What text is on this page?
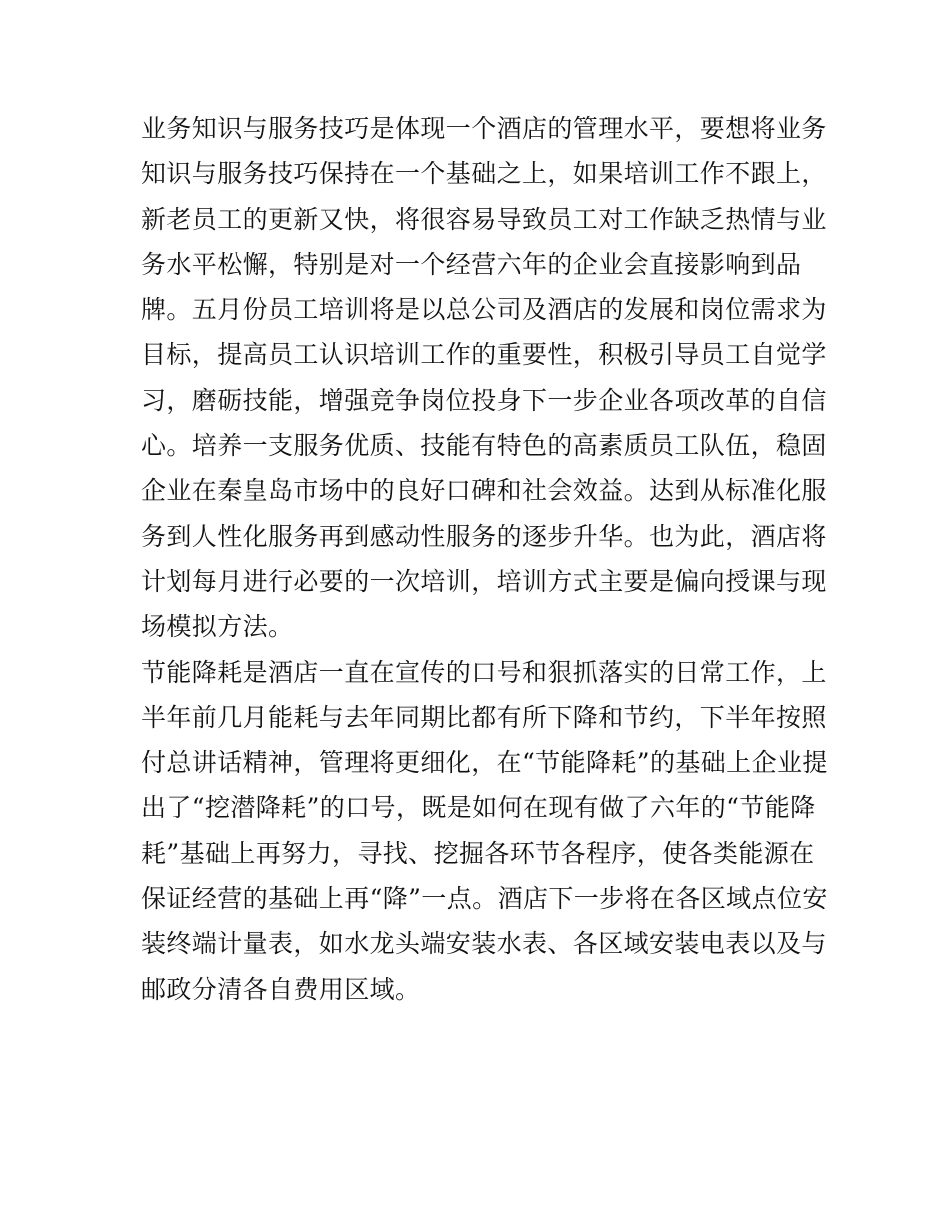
业务知识与服务技巧是体现一个酒店的管理水平，要想将业务
知识与服务技巧保持在一个基础之上，如果培训工作不跟上，
新老员工的更新又快，将很容易导致员工对工作缺乏热情与业
务水平松懈，特别是对一个经营六年的企业会直接影响到品
牌。五月份员工培训将是以总公司及酒店的发展和岗位需求为
目标，提高员工认识培训工作的重要性，积极引导员工自觉学
习，磨砺技能，增强竞争岗位投身下一步企业各项改革的自信
心。培养一支服务优质、技能有特色的高素质员工队伍，稳固
企业在秦皇岛市场中的良好口碑和社会效益。达到从标准化服
务到人性化服务再到感动性服务的逐步升华。也为此，酒店将
计划每月进行必要的一次培训，培训方式主要是偏向授课与现
场模拟方法。
节能降耗是酒店一直在宣传的口号和狠抓落实的日常工作，上
半年前几月能耗与去年同期比都有所下降和节约，下半年按照
付总讲话精神，管理将更细化，在“节能降耗”的基础上企业提
出了“挖潜降耗”的口号，既是如何在现有做了六年的“节能降
耗”基础上再努力，寻找、挖掘各环节各程序，使各类能源在
保证经营的基础上再“降”一点。酒店下一步将在各区域点位安
装终端计量表，如水龙头端安装水表、各区域安装电表以及与
邮政分清各自费用区域。
